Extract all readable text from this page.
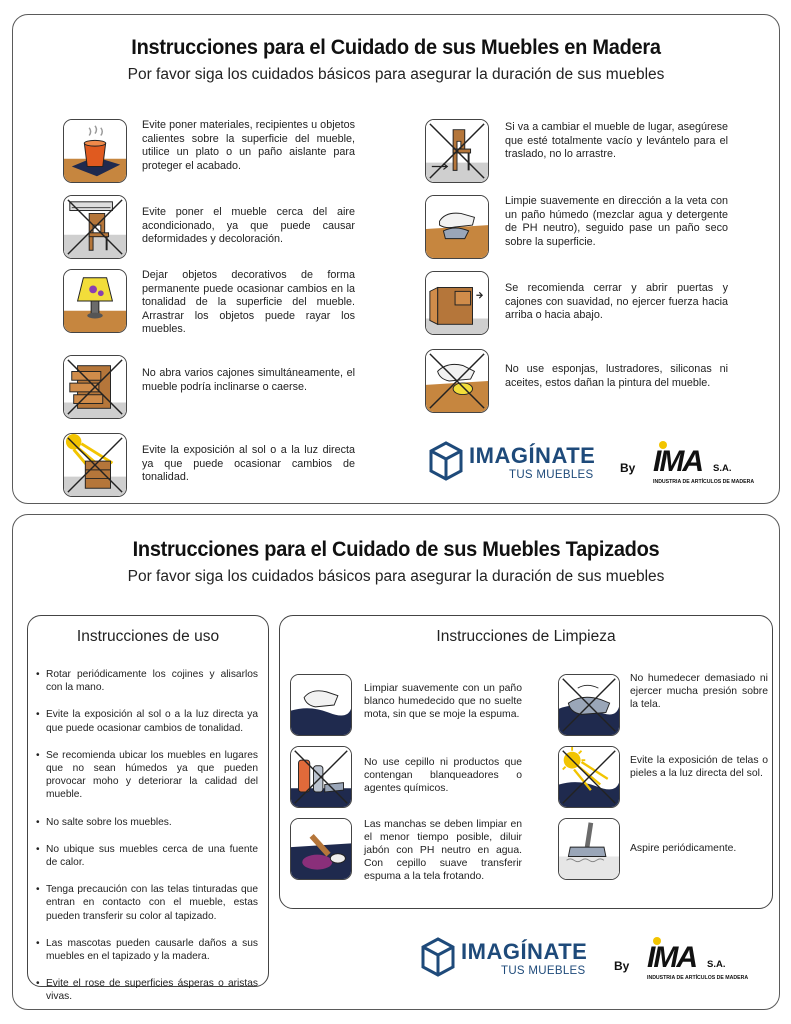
Instrucciones para el Cuidado de sus Muebles en Madera
Por favor siga los cuidados básicos para asegurar la duración de sus muebles
Evite poner materiales, recipientes u objetos calientes sobre la superficie del mueble, utilice un plato o un paño aislante para proteger el acabado.
Evite poner el mueble cerca del aire acondicionado, ya que puede causar deformidades y decoloración.
Dejar objetos decorativos de forma permanente puede ocasionar cambios en la tonalidad de la superficie del mueble. Arrastrar los objetos puede rayar los muebles.
No abra varios cajones simultáneamente, el mueble podría inclinarse o caerse.
Evite la exposición al sol o a la luz directa ya que puede ocasionar cambios de tonalidad.
Si va a cambiar el mueble de lugar, asegúrese que esté totalmente vacío y levántelo para el traslado, no lo arrastre.
Limpie suavemente en dirección a la veta con un paño húmedo (mezclar agua y detergente de PH neutro), seguido pase un paño seco sobre la superficie.
Se recomienda cerrar y abrir puertas y cajones con suavidad, no ejercer fuerza hacia arriba o hacia abajo.
No use esponjas, lustradores, siliconas ni aceites, estos dañan la pintura del mueble.
IMAGÍNATE
TUS MUEBLES By IMA S.A.
INDUSTRIA DE ARTÍCULOS DE MADERA
Instrucciones para el Cuidado de sus Muebles Tapizados
Por favor siga los cuidados básicos para asegurar la duración de sus muebles
Instrucciones de uso
• Rotar periódicamente los cojines y alisarlos con la mano.
• Evite la exposición al sol o a la luz directa ya que puede ocasionar cambios de tonalidad.
• Se recomienda ubicar los muebles en lugares que no sean húmedos ya que pueden provocar moho y deteriorar la calidad del mueble.
• No salte sobre los muebles.
• No ubique sus muebles cerca de una fuente de calor.
• Tenga precaución con las telas tinturadas que entran en contacto con el mueble, estas pueden transferir su color al tapizado.
• Las mascotas pueden causarle daños a sus muebles en el tapizado y la madera.
• Evite el rose de superficies ásperas o aristas vivas.
Instrucciones de Limpieza
Limpiar suavemente con un paño blanco humedecido que no suelte mota, sin que se moje la espuma.
No use cepillo ni productos que contengan blanqueadores o agentes químicos.
Las manchas se deben limpiar en el menor tiempo posible, diluir jabón con PH neutro en agua. Con cepillo suave transferir espuma a la tela frotando.
No humedecer demasiado ni ejercer mucha presión sobre la tela.
Evite la exposición de telas o pieles a la luz directa del sol.
Aspire periódicamente.
IMAGÍNATE
TUS MUEBLES By IMA S.A.
INDUSTRIA DE ARTÍCULOS DE MADERA
